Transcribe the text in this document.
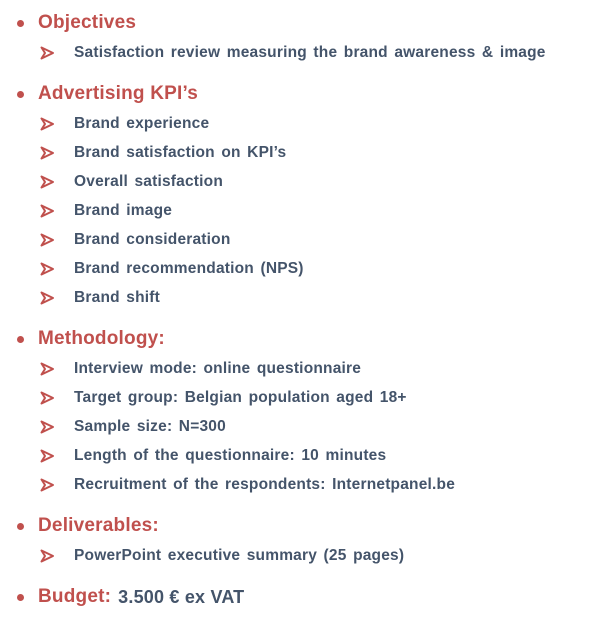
Objectives
Satisfaction review measuring the brand awareness & image
Advertising KPI’s
Brand experience
Brand satisfaction on KPI’s
Overall satisfaction
Brand image
Brand consideration
Brand recommendation (NPS)
Brand shift
Methodology:
Interview mode: online questionnaire
Target group: Belgian population aged 18+
Sample size: N=300
Length of the questionnaire: 10 minutes
Recruitment of the respondents: Internetpanel.be
Deliverables:
PowerPoint executive summary (25 pages)
Budget: 3.500 € ex VAT
